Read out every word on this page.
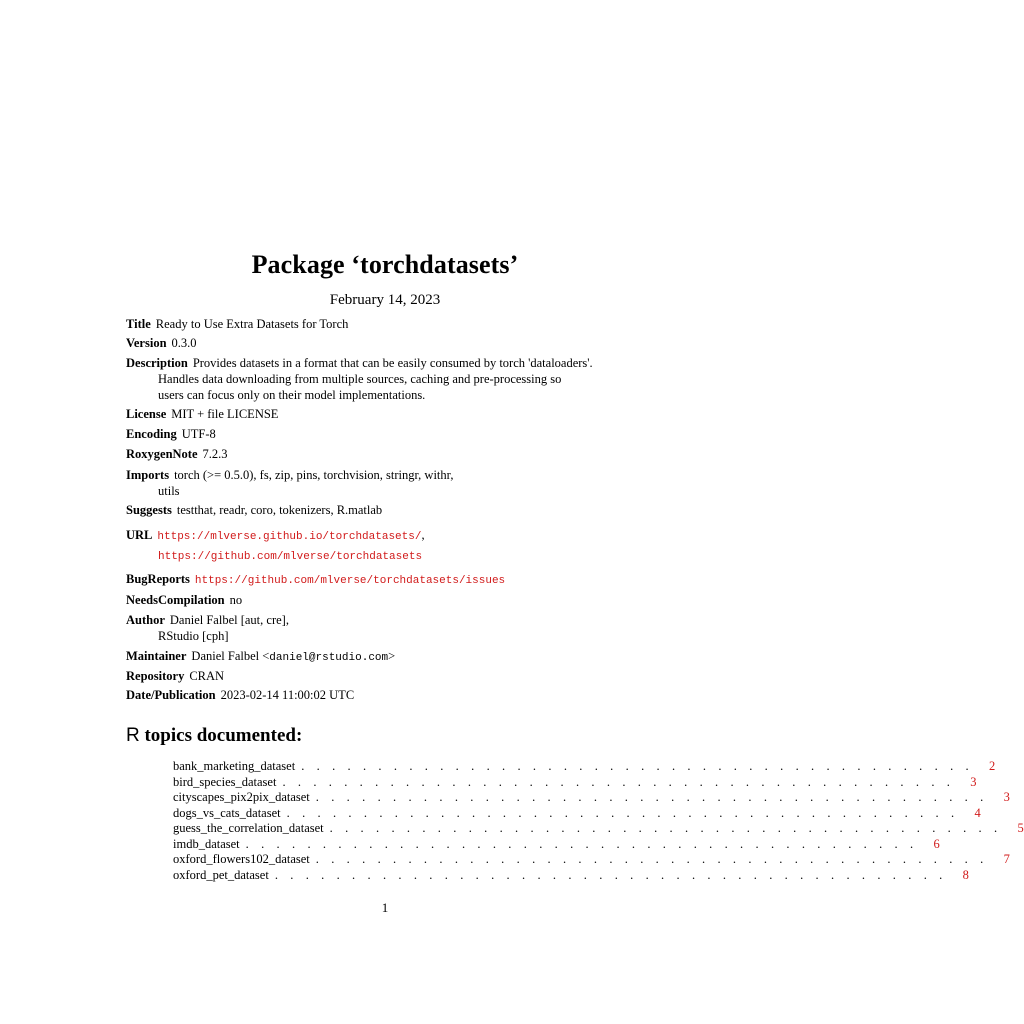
Package ‘torchdatasets’
February 14, 2023
Title Ready to Use Extra Datasets for Torch
Version 0.3.0
Description Provides datasets in a format that can be easily consumed by torch 'dataloaders'.
Handles data downloading from multiple sources, caching and pre-processing so
users can focus only on their model implementations.
License MIT + file LICENSE
Encoding UTF-8
RoxygenNote 7.2.3
Imports torch (>= 0.5.0), fs, zip, pins, torchvision, stringr, withr,
utils
Suggests testthat, readr, coro, tokenizers, R.matlab
URL https://mlverse.github.io/torchdatasets/,
https://github.com/mlverse/torchdatasets
BugReports https://github.com/mlverse/torchdatasets/issues
NeedsCompilation no
Author Daniel Falbel [aut, cre],
RStudio [cph]
Maintainer Daniel Falbel <daniel@rstudio.com>
Repository CRAN
Date/Publication 2023-02-14 11:00:02 UTC
R topics documented:
bank_marketing_dataset . . . . . . . . . . . . . . . . . . . . . . . . . . . . . . . . . . . . . . . . . . . .	2
bird_species_dataset . . . . . . . . . . . . . . . . . . . . . . . . . . . . . . . . . . . . . . . . . . . .	3
cityscapes_pix2pix_dataset . . . . . . . . . . . . . . . . . . . . . . . . . . . . . . . . . . . . . . . . . . . .	3
dogs_vs_cats_dataset . . . . . . . . . . . . . . . . . . . . . . . . . . . . . . . . . . . . . . . . . . . .	4
guess_the_correlation_dataset . . . . . . . . . . . . . . . . . . . . . . . . . . . . . . . . . . . . . . . . . . . .	5
imdb_dataset . . . . . . . . . . . . . . . . . . . . . . . . . . . . . . . . . . . . . . . . . . . .	6
oxford_flowers102_dataset . . . . . . . . . . . . . . . . . . . . . . . . . . . . . . . . . . . . . . . . . . . .	7
oxford_pet_dataset . . . . . . . . . . . . . . . . . . . . . . . . . . . . . . . . . . . . . . . . . . . .	8
1
